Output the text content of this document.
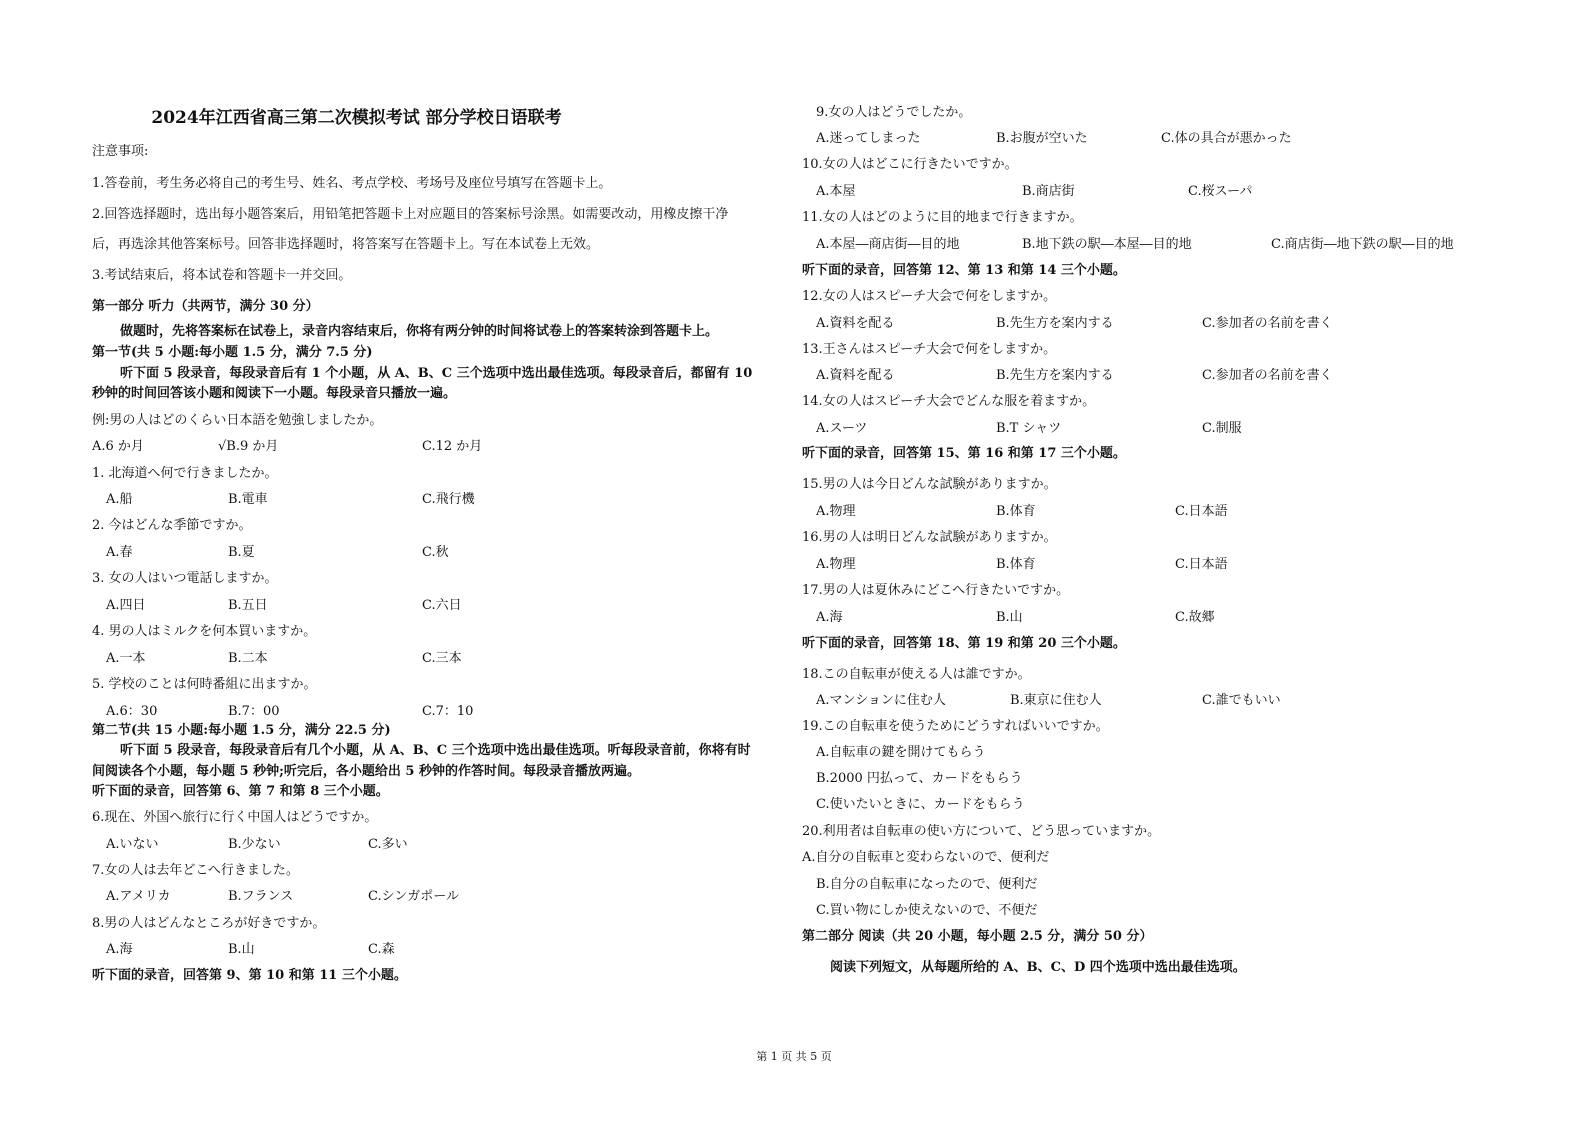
2024年江西省高三第二次模拟考试 部分学校日语联考
注意事项:
1.答卷前，考生务必将自己的考生号、姓名、考点学校、考场号及座位号填写在答题卡上。
2.回答选择题时，选出每小题答案后，用铅笔把答题卡上对应题目的答案标号涂黑。如需要改动，用橡皮擦干净
后，再选涂其他答案标号。回答非选择题时，将答案写在答题卡上。写在本试卷上无效。
3.考试结束后，将本试卷和答题卡一并交回。
第一部分 听力（共两节，满分 30 分）
做题时，先将答案标在试卷上，录音内容结束后，你将有两分钟的时间将试卷上的答案转涂到答题卡上。
第一节(共 5 小题:每小题 1.5 分，满分 7.5 分)
听下面 5 段录音，每段录音后有 1 个小题，从 A、B、C 三个选项中选出最佳选项。每段录音后，都留有 10
秒钟的时间回答该小题和阅读下一小题。每段录音只播放一遍。
例:男の人はどのくらい日本語を勉強しましたか。
A.6 か月	√B.9 か月	C.12 か月
1. 北海道へ何で行きましたか。
A.船	B.電車	C.飛行機
2. 今はどんな季節ですか。
A.春	B.夏	C.秋
3. 女の人はいつ電話しますか。
A.四日	B.五日	C.六日
4. 男の人はミルクを何本買いますか。
A.一本	B.二本	C.三本
5. 学校のことは何時番組に出ますか。
A.6：30	B.7：00	C.7：10
第二节(共 15 小题:每小题 1.5 分，满分 22.5 分)
听下面 5 段录音，每段录音后有几个小题，从 A、B、C 三个选项中选出最佳选项。听每段录音前，你将有时
间阅读各个小题，每小题 5 秒钟;听完后，各小题给出 5 秒钟的作答时间。每段录音播放两遍。
听下面的录音，回答第 6、第 7 和第 8 三个小题。
6.现在、外国へ旅行に行く中国人はどうですか。
A.いない	B.少ない	C.多い
7.女の人は去年どこへ行きました。
A.アメリカ	B.フランス	C.シンガポール
8.男の人はどんなところが好きですか。
A.海	B.山	C.森
听下面的录音，回答第 9、第 10 和第 11 三个小题。
9.女の人はどうでしたか。
A.迷ってしまった	B.お腹が空いた	C.体の具合が悪かった
10.女の人はどこに行きたいですか。
A.本屋	B.商店街	C.桜スーパ
11.女の人はどのように目的地まで行きますか。
A.本屋―商店街―目的地	B.地下鉄の駅―本屋―目的地	C.商店街―地下鉄の駅―目的地
听下面的录音，回答第 12、第 13 和第 14 三个小题。
12.女の人はスピーチ大会で何をしますか。
A.資料を配る	B.先生方を案内する	C.参加者の名前を書く
13.王さんはスピーチ大会で何をしますか。
A.資料を配る	B.先生方を案内する	C.参加者の名前を書く
14.女の人はスピーチ大会でどんな服を着ますか。
A.スーツ	B.T シャツ	C.制服
听下面的录音，回答第 15、第 16 和第 17 三个小题。
15.男の人は今日どんな試験がありますか。
A.物理	B.体育	C.日本語
16.男の人は明日どんな試験がありますか。
A.物理	B.体育	C.日本語
17.男の人は夏休みにどこへ行きたいですか。
A.海	B.山	C.故郷
听下面的录音，回答第 18、第 19 和第 20 三个小题。
18.この自転車が使える人は誰ですか。
A.マンションに住む人	B.東京に住む人	C.誰でもいい
19.この自転車を使うためにどうすればいいですか。
A.自転車の鍵を開けてもらう
B.2000 円払って、カードをもらう
C.使いたいときに、カードをもらう
20.利用者は自転車の使い方について、どう思っていますか。
A.自分の自転車と変わらないので、便利だ
B.自分の自転車になったので、便利だ
C.買い物にしか使えないので、不便だ
第二部分 阅读（共 20 小题，每小题 2.5 分，满分 50 分）
阅读下列短文，从每题所给的 A、B、C、D 四个选项中选出最佳选项。
第 1 页 共 5 页
